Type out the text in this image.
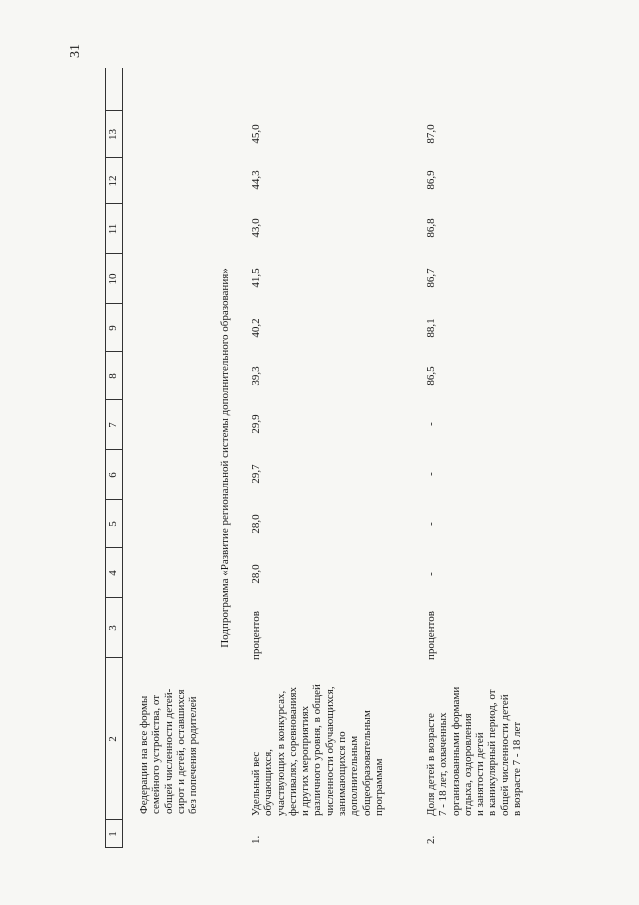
31
1
2
3
4
5
6
7
8
9
10
11
12
13
Федерации на все формы
семейного устройства, от
общей численности детей-
сирот и детей, оставшихся
без попечения родителей
Подпрограмма «Развитие региональной системы дополнительного образования»
1.
Удельный вес
обучающихся,
участвующих в конкурсах,
фестивалях, соревнованиях
и других мероприятиях
различного уровня, в общей
численности обучающихся,
занимающихся по
дополнительным
общеобразовательным
программам
процентов
28,0
28,0
29,7
29,9
39,3
40,2
41,5
43,0
44,3
45,0
2.
Доля детей в возрасте
7 - 18 лет, охваченных
организованными формами
отдыха, оздоровления
и занятости детей
в каникулярный период, от
общей численности детей
в возрасте 7 - 18 лет
процентов
-
-
-
-
86,5
88,1
86,7
86,8
86,9
87,0
